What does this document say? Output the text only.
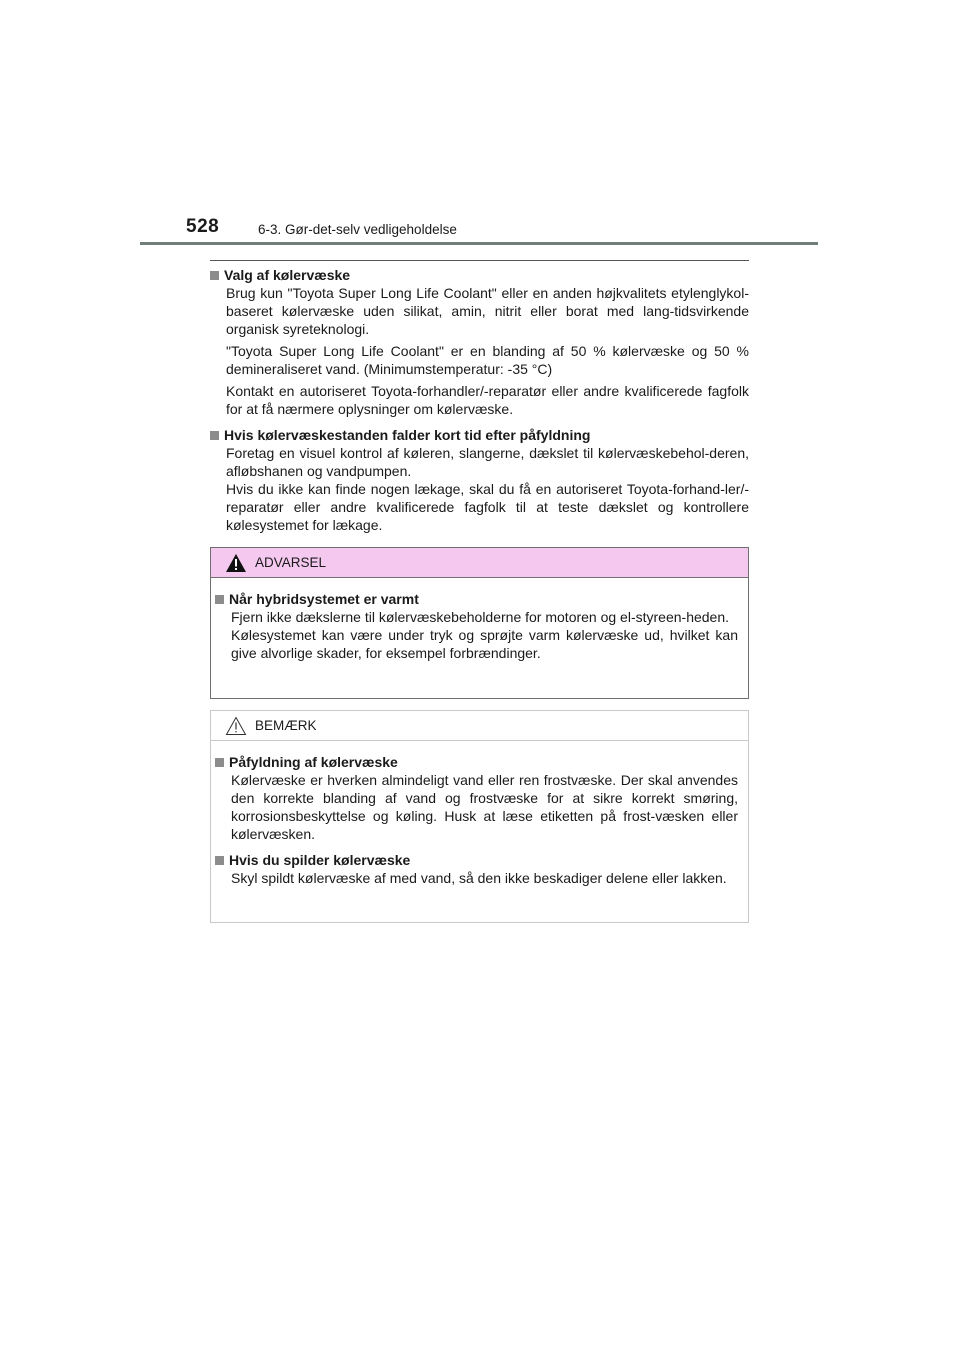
528	6-3. Gør-det-selv vedligeholdelse

Valg af kølervæske

Brug kun "Toyota Super Long Life Coolant" eller en anden højkvalitets etylenglykol-baseret kølervæske uden silikat, amin, nitrit eller borat med lang-tidsvirkende organisk syreteknologi.

"Toyota Super Long Life Coolant" er en blanding af 50 % kølervæske og 50 % demineraliseret vand. (Minimumstemperatur: -35 °C)

Kontakt en autoriseret Toyota-forhandler/-reparatør eller andre kvalificerede fagfolk for at få nærmere oplysninger om kølervæske.

Hvis kølervæskestanden falder kort tid efter påfyldning

Foretag en visuel kontrol af køleren, slangerne, dækslet til kølervæskebehol-deren, afløbshanen og vandpumpen.

Hvis du ikke kan finde nogen lækage, skal du få en autoriseret Toyota-forhand-ler/-reparatør eller andre kvalificerede fagfolk til at teste dækslet og kontrollere kølesystemet for lækage.

ADVARSEL

Når hybridsystemet er varmt

Fjern ikke dækslerne til kølervæskebeholderne for motoren og el-styreen-heden.

Kølesystemet kan være under tryk og sprøjte varm kølervæske ud, hvilket kan give alvorlige skader, for eksempel forbrændinger.

BEMÆRK

Påfyldning af kølervæske

Kølervæske er hverken almindeligt vand eller ren frostvæske. Der skal anvendes den korrekte blanding af vand og frostvæske for at sikre korrekt smøring, korrosionsbeskyttelse og køling. Husk at læse etiketten på frost-væsken eller kølervæsken.

Hvis du spilder kølervæske

Skyl spildt kølervæske af med vand, så den ikke beskadiger delene eller lakken.
